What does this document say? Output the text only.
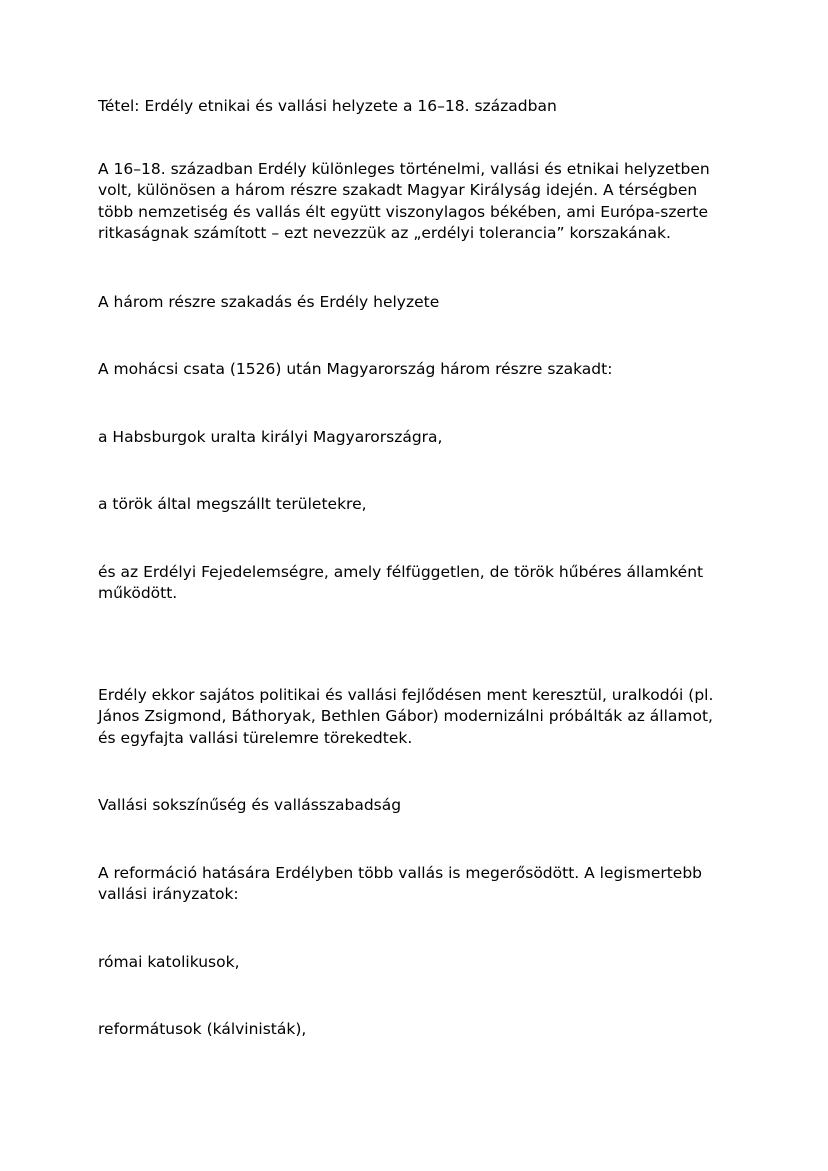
Tétel: Erdély etnikai és vallási helyzete a 16–18. században

A 16–18. században Erdély különleges történelmi, vallási és etnikai helyzetben volt, különösen a három részre szakadt Magyar Királyság idején. A térségben több nemzetiség és vallás élt együtt viszonylagos békében, ami Európa-szerte ritkaságnak számított – ezt nevezzük az „erdélyi tolerancia” korszakának.

A három részre szakadás és Erdély helyzete

A mohácsi csata (1526) után Magyarország három részre szakadt:

a Habsburgok uralta királyi Magyarországra,

a török által megszállt területekre,

és az Erdélyi Fejedelemségre, amely félfüggetlen, de török hűbéres államként működött.

Erdély ekkor sajátos politikai és vallási fejlődésen ment keresztül, uralkodói (pl. János Zsigmond, Báthoryak, Bethlen Gábor) modernizálni próbálták az államot, és egyfajta vallási türelemre törekedtek.

Vallási sokszínűség és vallásszabadság

A reformáció hatására Erdélyben több vallás is megerősödött. A legismertebb vallási irányzatok:

római katolikusok,

reformátusok (kálvinisták),
